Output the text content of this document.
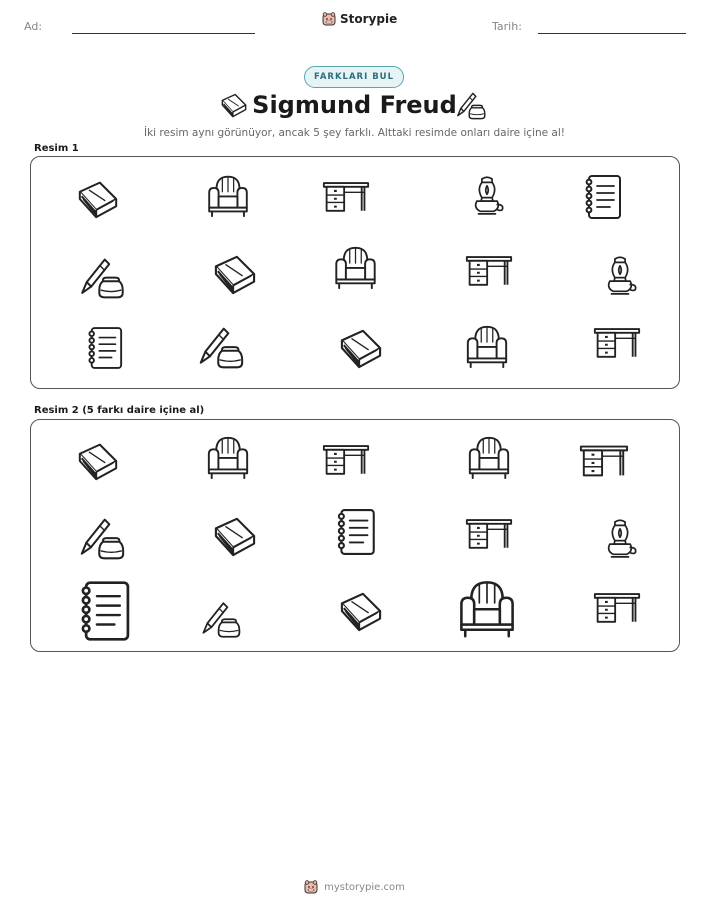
Ad:
Storypie
Tarih:
FARKLARI BUL
Sigmund Freud
İki resim aynı görünüyor, ancak 5 şey farklı. Alttaki resimde onları daire içine al!
Resim 1
Resim 2 (5 farkı daire içine al)
mystorypie.com
